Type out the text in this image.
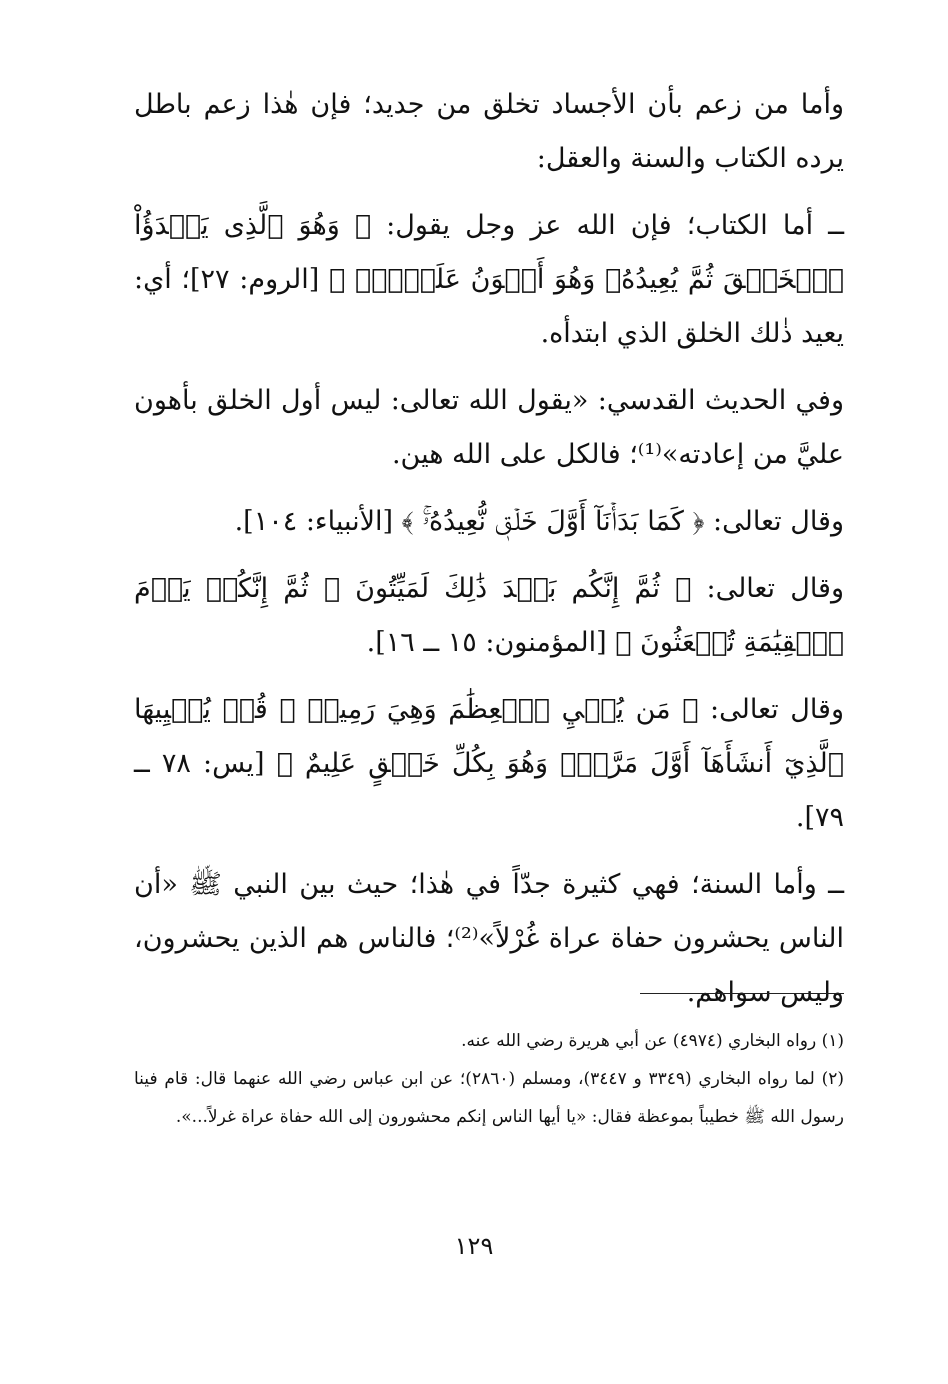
وأما من زعم بأن الأجساد تخلق من جديد؛ فإن هٰذا زعم باطل يرده الكتاب والسنة والعقل:

ــ أما الكتاب؛ فإن الله عز وجل يقول: ﴿ وَهُوَ ٱلَّذِى يَبۡدَؤُاْ ٱلۡخَلۡقَ ثُمَّ يُعِيدُهُۥ وَهُوَ أَهۡوَنُ عَلَيۡهِۚ ﴾ [الروم: ٢٧]؛ أي: يعيد ذٰلك الخلق الذي ابتدأه.

وفي الحديث القدسي: «يقول الله تعالى: ليس أول الخلق بأهون عليَّ من إعادته»⁽¹⁾؛ فالكل على الله هين.

وقال تعالى: ﴿ كَمَا بَدَأۡنَآ أَوَّلَ خَلۡقٖ نُّعِيدُهُۥۚ ﴾ [الأنبياء: ١٠٤].

وقال تعالى: ﴿ ثُمَّ إِنَّكُم بَعۡدَ ذَٰلِكَ لَمَيِّتُونَ ۞ ثُمَّ إِنَّكُمۡ يَوۡمَ ٱلۡقِيَٰمَةِ تُبۡعَثُونَ ﴾ [المؤمنون: ١٥ ــ ١٦].

وقال تعالى: ﴿ مَن يُحۡيِ ٱلۡعِظَٰمَ وَهِيَ رَمِيمٞ ۞ قُلۡ يُحۡيِيهَا ٱلَّذِيٓ أَنشَأَهَآ أَوَّلَ مَرَّةٖۖ وَهُوَ بِكُلِّ خَلۡقٍ عَلِيمٌ ﴾ [يس: ٧٨ ــ ٧٩].

ــ وأما السنة؛ فهي كثيرة جدّاً في هٰذا؛ حيث بين النبي ﷺ «أن الناس يحشرون حفاة عراة غُرْلاً»⁽²⁾؛ فالناس هم الذين يحشرون، وليس سواهم.

(١) رواه البخاري (٤٩٧٤) عن أبي هريرة رضي الله عنه.

(٢) لما رواه البخاري (٣٣٤٩ و ٣٤٤٧)، ومسلم (٢٨٦٠)؛ عن ابن عباس رضي الله عنهما قال: قام فينا رسول الله ﷺ خطيباً بموعظة فقال: «يا أيها الناس إنكم محشورون إلى الله حفاة عراة غرلاً...».

١٢٩
